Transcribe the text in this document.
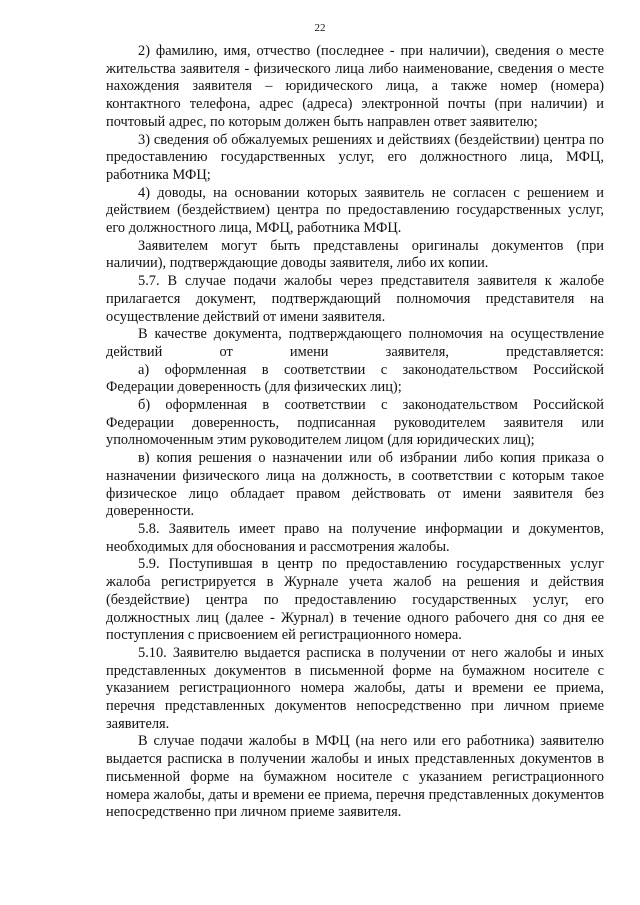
22

2) фамилию, имя, отчество (последнее - при наличии), сведения о месте жительства заявителя - физического лица либо наименование, сведения о месте нахождения заявителя – юридического лица, а также номер (номера) контактного телефона, адрес (адреса) электронной почты (при наличии) и почтовый адрес, по которым должен быть направлен ответ заявителю;

3) сведения об обжалуемых решениях и действиях (бездействии) центра по предоставлению государственных услуг, его должностного лица, МФЦ, работника МФЦ;

4) доводы, на основании которых заявитель не согласен с решением и действием (бездействием) центра по предоставлению государственных услуг, его должностного лица, МФЦ, работника МФЦ.

Заявителем могут быть представлены оригиналы документов (при наличии), подтверждающие доводы заявителя, либо их копии.

5.7. В случае подачи жалобы через представителя заявителя к жалобе прилагается документ, подтверждающий полномочия представителя на осуществление действий от имени заявителя.

В качестве документа, подтверждающего полномочия на осуществление действий от имени заявителя, представляется:

а) оформленная в соответствии с законодательством Российской Федерации доверенность (для физических лиц);

б) оформленная в соответствии с законодательством Российской Федерации доверенность, подписанная руководителем заявителя или уполномоченным этим руководителем лицом (для юридических лиц);

в) копия решения о назначении или об избрании либо копия приказа о назначении физического лица на должность, в соответствии с которым такое физическое лицо обладает правом действовать от имени заявителя без доверенности.

5.8. Заявитель имеет право на получение информации и документов, необходимых для обоснования и рассмотрения жалобы.

5.9. Поступившая в центр по предоставлению государственных услуг жалоба регистрируется в Журнале учета жалоб на решения и действия (бездействие) центра по предоставлению государственных услуг, его должностных лиц (далее - Журнал) в течение одного рабочего дня со дня ее поступления с присвоением ей регистрационного номера.

5.10. Заявителю выдается расписка в получении от него жалобы и иных представленных документов в письменной форме на бумажном носителе с указанием регистрационного номера жалобы, даты и времени ее приема, перечня представленных документов непосредственно при личном приеме заявителя.

В случае подачи жалобы в МФЦ (на него или его работника) заявителю выдается расписка в получении жалобы и иных представленных документов в письменной форме на бумажном носителе с указанием регистрационного номера жалобы, даты и времени ее приема, перечня представленных документов непосредственно при личном приеме заявителя.
